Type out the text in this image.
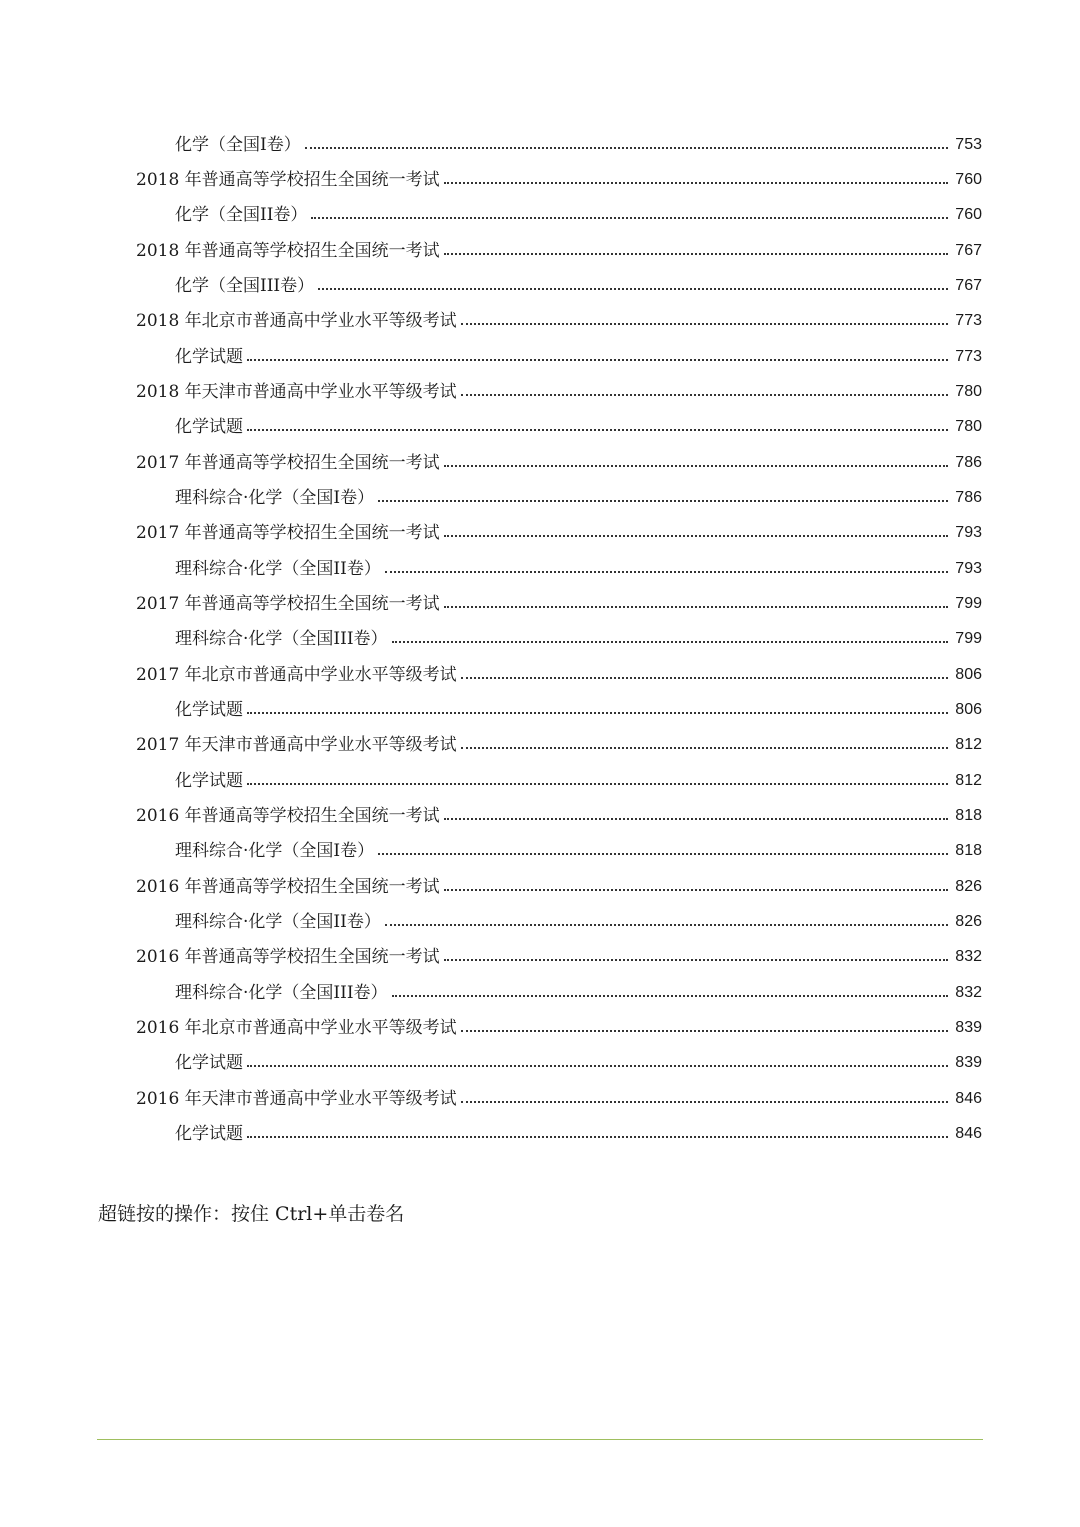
化学（全国I卷）	753
2018 年普通高等学校招生全国统一考试	760
化学（全国II卷）	760
2018 年普通高等学校招生全国统一考试	767
化学（全国III卷）	767
2018 年北京市普通高中学业水平等级考试	773
化学试题	773
2018 年天津市普通高中学业水平等级考试	780
化学试题	780
2017 年普通高等学校招生全国统一考试	786
理科综合·化学（全国I卷）	786
2017 年普通高等学校招生全国统一考试	793
理科综合·化学（全国II卷）	793
2017 年普通高等学校招生全国统一考试	799
理科综合·化学（全国III卷）	799
2017 年北京市普通高中学业水平等级考试	806
化学试题	806
2017 年天津市普通高中学业水平等级考试	812
化学试题	812
2016 年普通高等学校招生全国统一考试	818
理科综合·化学（全国I卷）	818
2016 年普通高等学校招生全国统一考试	826
理科综合·化学（全国II卷）	826
2016 年普通高等学校招生全国统一考试	832
理科综合·化学（全国III卷）	832
2016 年北京市普通高中学业水平等级考试	839
化学试题	839
2016 年天津市普通高中学业水平等级考试	846
化学试题	846
超链按的操作：按住 Ctrl+单击卷名
